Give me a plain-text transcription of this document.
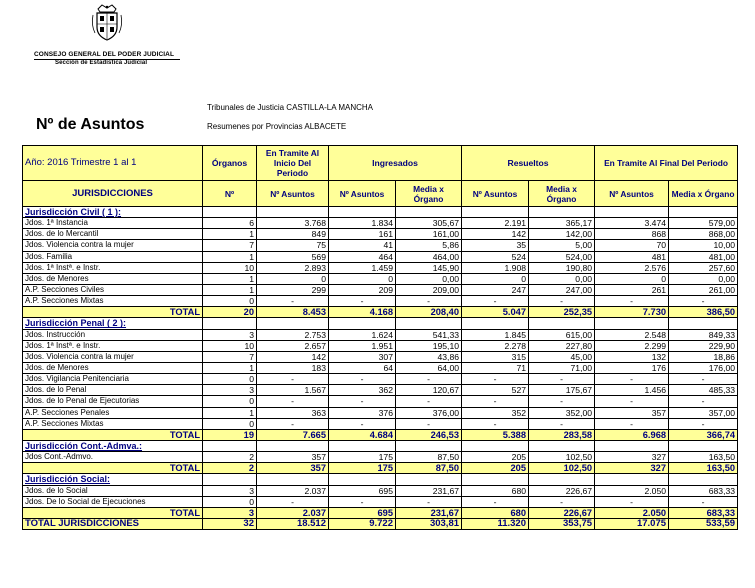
CONSEJO GENERAL DEL PODER JUDICIAL
Sección de Estadística Judicial
Nº de Asuntos
Tribunales de Justicia CASTILLA-LA MANCHA
Resumenes por Provincias ALBACETE
Año: 2016 Trimestre 1 al 1	Órganos	En Tramite Al Inicio Del Periodo	Ingresados		Resueltos		En Tramite Al Final Del Periodo	
JURISDICCIONES	Nº	Nº Asuntos	Nº Asuntos	Media x Órgano	Nº Asuntos	Media x Órgano	Nº Asuntos	Media x Órgano
Jurisdicción Civil ( 1 ):								
Jdos. 1ª Instancia	6	3.768	1.834	305,67	2.191	365,17	3.474	579,00
Jdos. de lo Mercantil	1	849	161	161,00	142	142,00	868	868,00
Jdos. Violencia contra la mujer	7	75	41	5,86	35	5,00	70	10,00
Jdos. Familia	1	569	464	464,00	524	524,00	481	481,00
Jdos. 1ª Instª. e Instr.	10	2.893	1.459	145,90	1.908	190,80	2.576	257,60
Jdos. de Menores	1	0	0	0,00	0	0,00	0	0,00
A.P. Secciones Civiles	1	299	209	209,00	247	247,00	261	261,00
A.P. Secciones Mixtas	0	-	-	-	-	-	-	-
TOTAL	20	8.453	4.168	208,40	5.047	252,35	7.730	386,50
Jurisdicción Penal ( 2 ):								
Jdos. Instrucción	3	2.753	1.624	541,33	1.845	615,00	2.548	849,33
Jdos. 1ª Instª. e Instr.	10	2.657	1.951	195,10	2.278	227,80	2.299	229,90
Jdos. Violencia contra la mujer	7	142	307	43,86	315	45,00	132	18,86
Jdos. de Menores	1	183	64	64,00	71	71,00	176	176,00
Jdos. Vigilancia Penitenciaria	0	-	-	-	-	-	-	-
Jdos. de lo Penal	3	1.567	362	120,67	527	175,67	1.456	485,33
Jdos. de lo Penal de Ejecutorias	0	-	-	-	-	-	-	-
A.P. Secciones Penales	1	363	376	376,00	352	352,00	357	357,00
A.P. Secciones Mixtas	0	-	-	-	-	-	-	-
TOTAL	19	7.665	4.684	246,53	5.388	283,58	6.968	366,74
Jurisdicción Cont.-Admva.:								
Jdos Cont.-Admvo.	2	357	175	87,50	205	102,50	327	163,50
TOTAL	2	357	175	87,50	205	102,50	327	163,50
Jurisdicción Social:								
Jdos. de lo Social	3	2.037	695	231,67	680	226,67	2.050	683,33
Jdos. De lo Social de Ejecuciones	0	-	-	-	-	-	-	-
TOTAL	3	2.037	695	231,67	680	226,67	2.050	683,33
TOTAL JURISDICCIONES	32	18.512	9.722	303,81	11.320	353,75	17.075	533,59
